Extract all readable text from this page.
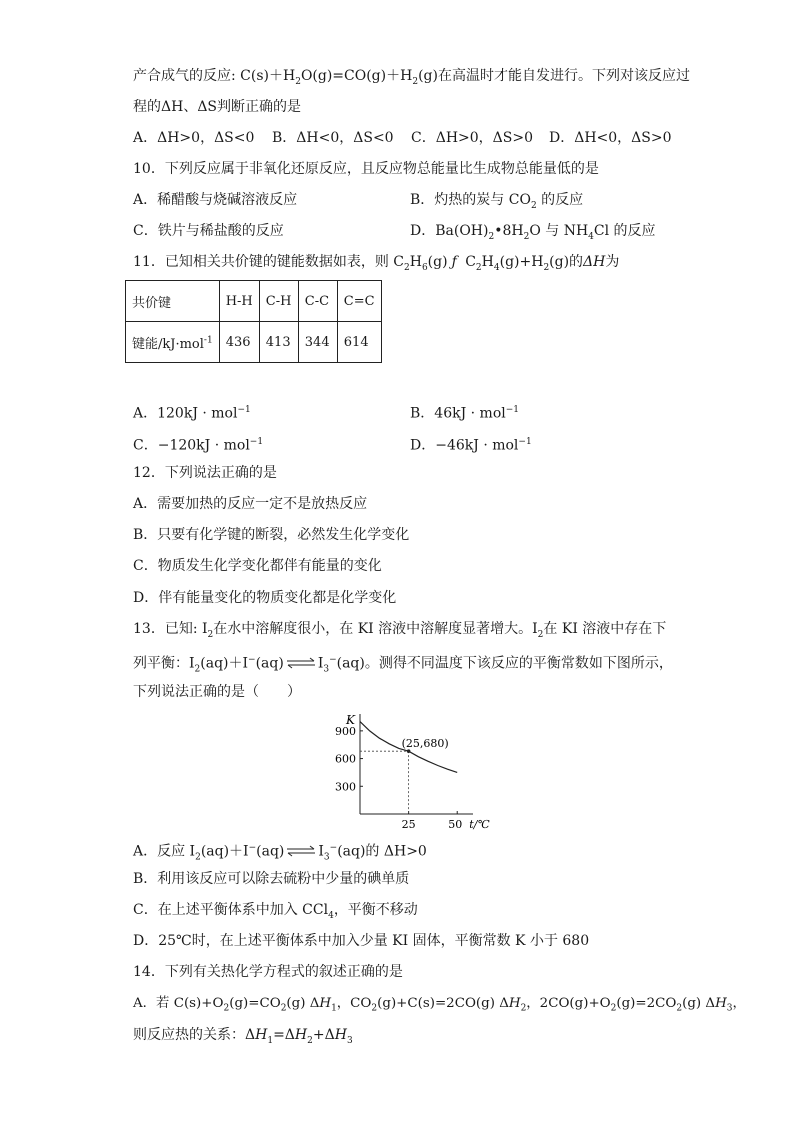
产合成气的反应: $C(s)+H_2O(g)=CO(g)+H_2(g)$在高温时才能自发进行。下列对该反应过
程的ΔH、ΔS判断正确的是
A．ΔH>0，ΔS<0 B．ΔH<0，ΔS<0 C．ΔH>0，ΔS>0 D．ΔH<0，ΔS>0
10．下列反应属于非氧化还原反应，且反应物总能量比生成物总能量低的是
A．稀醋酸与烧碱溶液反应	B．灼热的炭与 $CO_2$ 的反应
C．铁片与稀盐酸的反应	D．$Ba(OH)_2•8H_2O$ 与 $NH_4Cl$ 的反应
11．已知相关共价键的键能数据如表，则 $C_2H_6(g)$ ƒ $C_2H_4(g)+H_2(g)$的ΔH为
共价键	H-H	C-H	C-C	C=C
键能/kJ·mol$^{-1}$	436	413	344	614
A．120kJ · mol$^{-1}$	B．46kJ · mol$^{-1}$
C．−120kJ · mol$^{-1}$	D．−46kJ · mol$^{-1}$
12．下列说法正确的是
A．需要加热的反应一定不是放热反应
B．只要有化学键的断裂，必然发生化学变化
C．物质发生化学变化都伴有能量的变化
D．伴有能量变化的物质变化都是化学变化
13．已知: $I_2$在水中溶解度很小，在 KI 溶液中溶解度显著增大。$I_2$在 KI 溶液中存在下
列平衡：$I_2(aq)+I^-(aq)$ ⇌ $I_3^-(aq)$。测得不同温度下该反应的平衡常数如下图所示，
下列说法正确的是（　　）
K
300
600
900
25	50 t/℃
(25,680)
A．反应 $I_2(aq)+I^-(aq)$ ⇌ $I_3^-(aq)$的 ΔH>0
B．利用该反应可以除去硫粉中少量的碘单质
C．在上述平衡体系中加入 CCl$_4$，平衡不移动
D．25℃时，在上述平衡体系中加入少量 KI 固体，平衡常数 K 小于 680
14．下列有关热化学方程式的叙述正确的是
A．若 $C(s)+O_2(g)=CO_2(g)$ $\Delta H_1$，$CO_2(g)+C(s)=2CO(g)$ $\Delta H_2$，$2CO(g)+O_2(g)=2CO_2(g)$ $\Delta H_3$，
则反应热的关系：$\Delta H_1=\Delta H_2+\Delta H_3$
